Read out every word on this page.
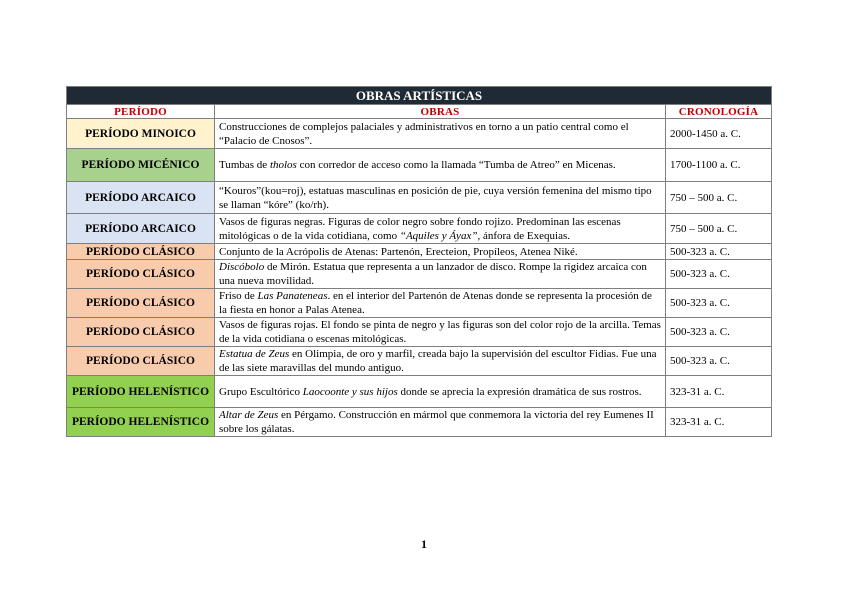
OBRAS ARTÍSTICAS		
PERÍODO	OBRAS	CRONOLOGÍA
PERÍODO MINOICO	Construcciones de complejos palaciales y administrativos en torno a un patio central como el “Palacio de Cnosos”.	2000-1450 a. C.
PERÍODO MICÉNICO	Tumbas de tholos con corredor de acceso como la llamada “Tumba de Atreo” en Micenas.	1700-1100 a. C.
PERÍODO ARCAICO	“Kouros”(kou=roj), estatuas masculinas en posición de pie, cuya versión femenina del mismo tipo se llaman “kóre” (ko/rh).	750 – 500 a. C.
PERÍODO ARCAICO	Vasos de figuras negras. Figuras de color negro sobre fondo rojizo. Predominan las escenas mitológicas o de la vida cotidiana, como “Aquiles y Áyax”, ánfora de Exequias.	750 – 500 a. C.
PERÍODO CLÁSICO	Conjunto de la Acrópolis de Atenas: Partenón, Erecteion, Propíleos, Atenea Niké.	500-323 a. C.
PERÍODO CLÁSICO	Discóbolo de Mirón. Estatua que representa a un lanzador de disco. Rompe la rigidez arcaica con una nueva movilidad.	500-323 a. C.
PERÍODO CLÁSICO	Friso de Las Panateneas. en el interior del Partenón de Atenas donde se representa la procesión de la fiesta en honor a Palas Atenea.	500-323 a. C.
PERÍODO CLÁSICO	Vasos de figuras rojas. El fondo se pinta de negro y las figuras son del color rojo de la arcilla. Temas de la vida cotidiana o escenas mitológicas.	500-323 a. C.
PERÍODO CLÁSICO	Estatua de Zeus en Olimpia, de oro y marfil, creada bajo la supervisión del escultor Fidias. Fue una de las siete maravillas del mundo antiguo.	500-323 a. C.
PERÍODO HELENÍSTICO	Grupo Escultórico Laocoonte y sus hijos donde se aprecia la expresión dramática de sus rostros.	323-31 a. C.
PERÍODO HELENÍSTICO	Altar de Zeus en Pérgamo. Construcción en mármol que conmemora la victoria del rey Eumenes II sobre los gálatas.	323-31 a. C.
1
